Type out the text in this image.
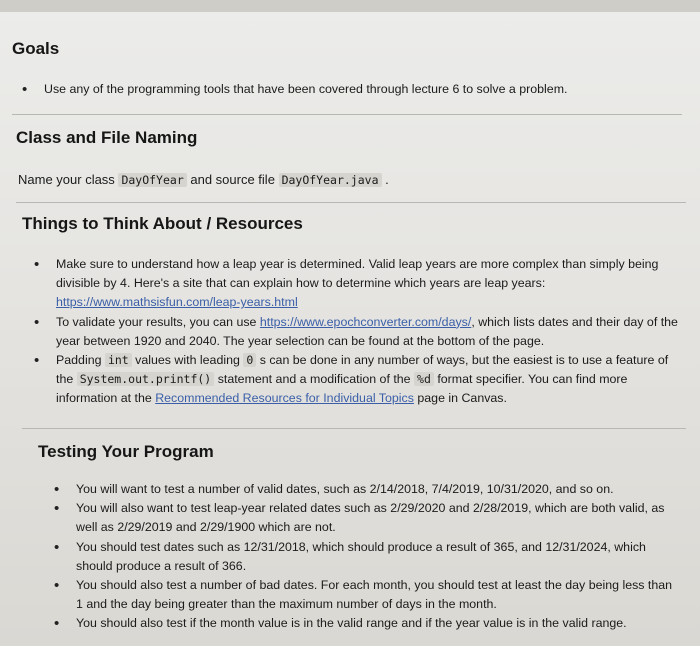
Goals
• Use any of the programming tools that have been covered through lecture 6 to solve a problem.
Class and File Naming

Name your class DayOfYear and source file DayOfYear.java .

Things to Think About / Resources
• Make sure to understand how a leap year is determined. Valid leap years are more complex than simply being divisible by 4. Here's a site that can explain how to determine which years are leap years: https://www.mathsisfun.com/leap-years.html
• To validate your results, you can use https://www.epochconverter.com/days/, which lists dates and their day of the year between 1920 and 2040. The year selection can be found at the bottom of the page.
• Padding int values with leading 0 s can be done in any number of ways, but the easiest is to use a feature of the System.out.printf() statement and a modification of the %d format specifier. You can find more information at the Recommended Resources for Individual Topics page in Canvas.
Testing Your Program
• You will want to test a number of valid dates, such as 2/14/2018, 7/4/2019, 10/31/2020, and so on.
• You will also want to test leap-year related dates such as 2/29/2020 and 2/28/2019, which are both valid, as well as 2/29/2019 and 2/29/1900 which are not.
• You should test dates such as 12/31/2018, which should produce a result of 365, and 12/31/2024, which should produce a result of 366.
• You should also test a number of bad dates. For each month, you should test at least the day being less than 1 and the day being greater than the maximum number of days in the month.
• You should also test if the month value is in the valid range and if the year value is in the valid range.
